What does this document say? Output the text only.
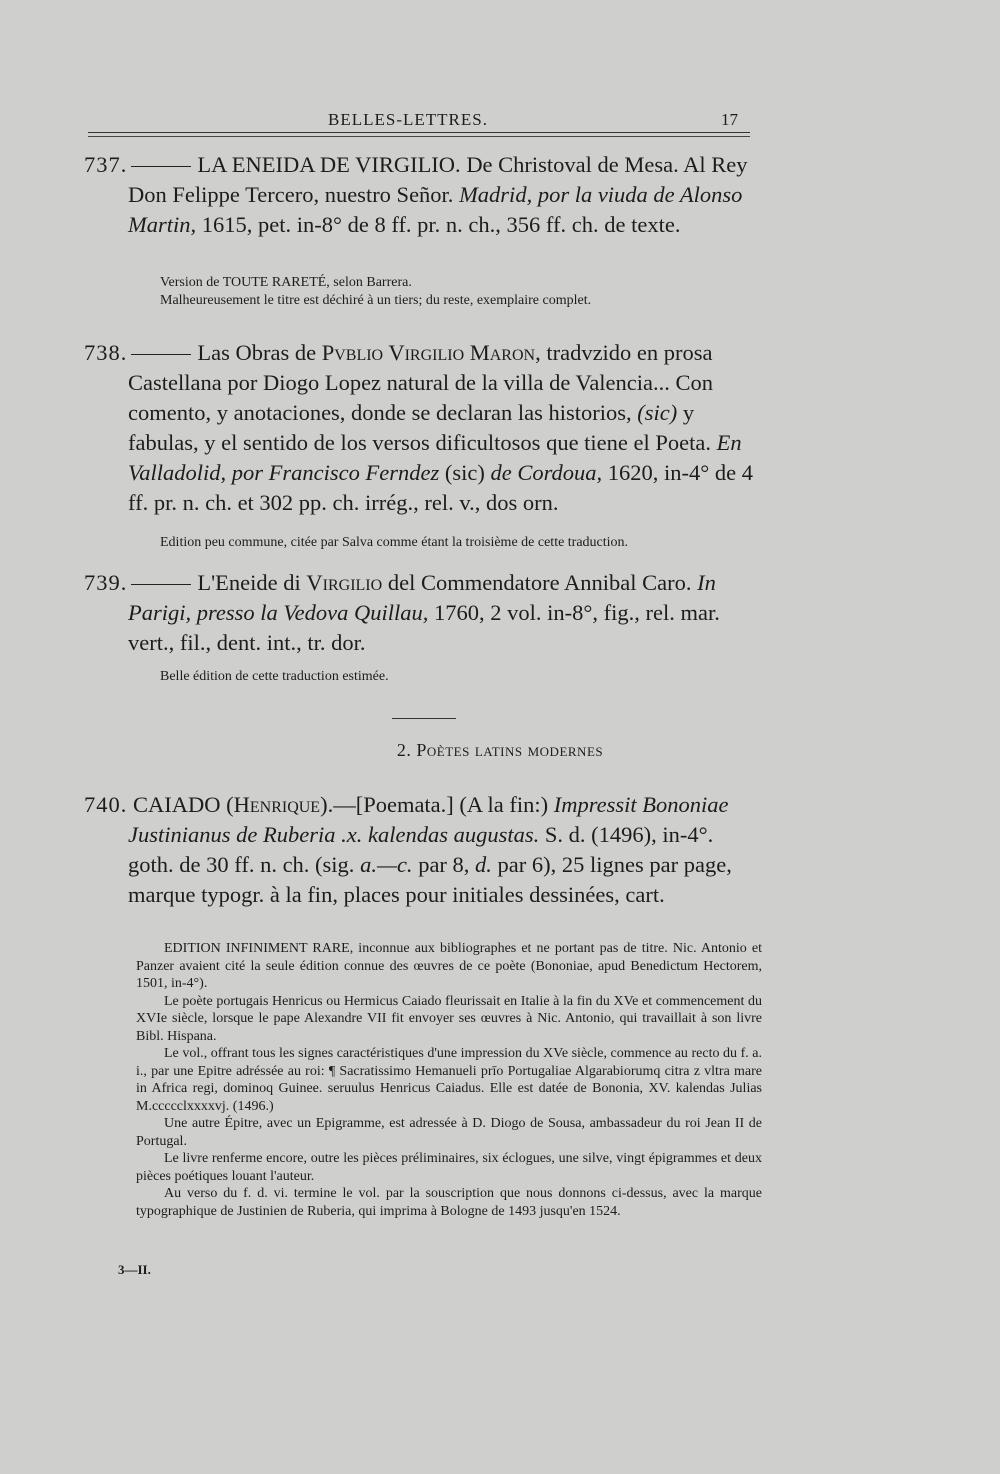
BELLES-LETTRES.	17

737.	LA ENEIDA DE VIRGILIO. De Christoval de Mesa. Al Rey Don Felippe Tercero, nuestro Señor. Madrid, por la viuda de Alonso Martin, 1615, pet. in-8° de 8 ff. pr. n. ch., 356 ff. ch. de texte.

Version de TOUTE RARETÉ, selon Barrera.

Malheureusement le titre est déchiré à un tiers; du reste, exemplaire complet.

738.	Las Obras de Pvblio Virgilio Maron, tradvzido en prosa Castellana por Diogo Lopez natural de la villa de Valencia... Con comento, y anotaciones, donde se declaran las historios, (sic) y fabulas, y el sentido de los versos dificultosos que tiene el Poeta. En Valladolid, por Francisco Ferndez (sic) de Cordoua, 1620, in-4° de 4 ff. pr. n. ch. et 302 pp. ch. irrég., rel. v., dos orn.

Edition peu commune, citée par Salva comme étant la troisième de cette traduction.

739.	L'Eneide di Virgilio del Commendatore Annibal Caro. In Parigi, presso la Vedova Quillau, 1760, 2 vol. in-8°, fig., rel. mar. vert., fil., dent. int., tr. dor.

Belle édition de cette traduction estimée.

2. Poètes latins modernes

740. CAIADO (Henrique).—[Poemata.] (A la fin:) Impressit Bononiae Justinianus de Ruberia .x. kalendas augustas. S. d. (1496), in-4°. goth. de 30 ff. n. ch. (sig. a.—c. par 8, d. par 6), 25 lignes par page, marque typogr. à la fin, places pour initiales dessinées, cart.

EDITION INFINIMENT RARE, inconnue aux bibliographes et ne portant pas de titre. Nic. Antonio et Panzer avaient cité la seule édition connue des œuvres de ce poète (Bononiae, apud Benedictum Hectorem, 1501, in-4°).

Le poète portugais Henricus ou Hermicus Caiado fleurissait en Italie à la fin du XVe et commencement du XVIe siècle, lorsque le pape Alexandre VII fit envoyer ses œuvres à Nic. Antonio, qui travaillait à son livre Bibl. Hispana.

Le vol., offrant tous les signes caractéristiques d'une impression du XVe siècle, commence au recto du f. a. i., par une Epitre adréssée au roi: ¶ Sacratissimo Hemanueli prīo Portugaliae Algarabiorumq citra z vltra mare in Africa regi, dominoq Guinee. seruulus Henricus Caiadus. Elle est datée de Bononia, XV. kalendas Julias M.ccccclxxxxvj. (1496.)

Une autre Épitre, avec un Epigramme, est adressée à D. Diogo de Sousa, ambassadeur du roi Jean II de Portugal.

Le livre renferme encore, outre les pièces préliminaires, six éclogues, une silve, vingt épigrammes et deux pièces poétiques louant l'auteur.

Au verso du f. d. vi. termine le vol. par la souscription que nous donnons ci-dessus, avec la marque typographique de Justinien de Ruberia, qui imprima à Bologne de 1493 jusqu'en 1524.

3—II.
